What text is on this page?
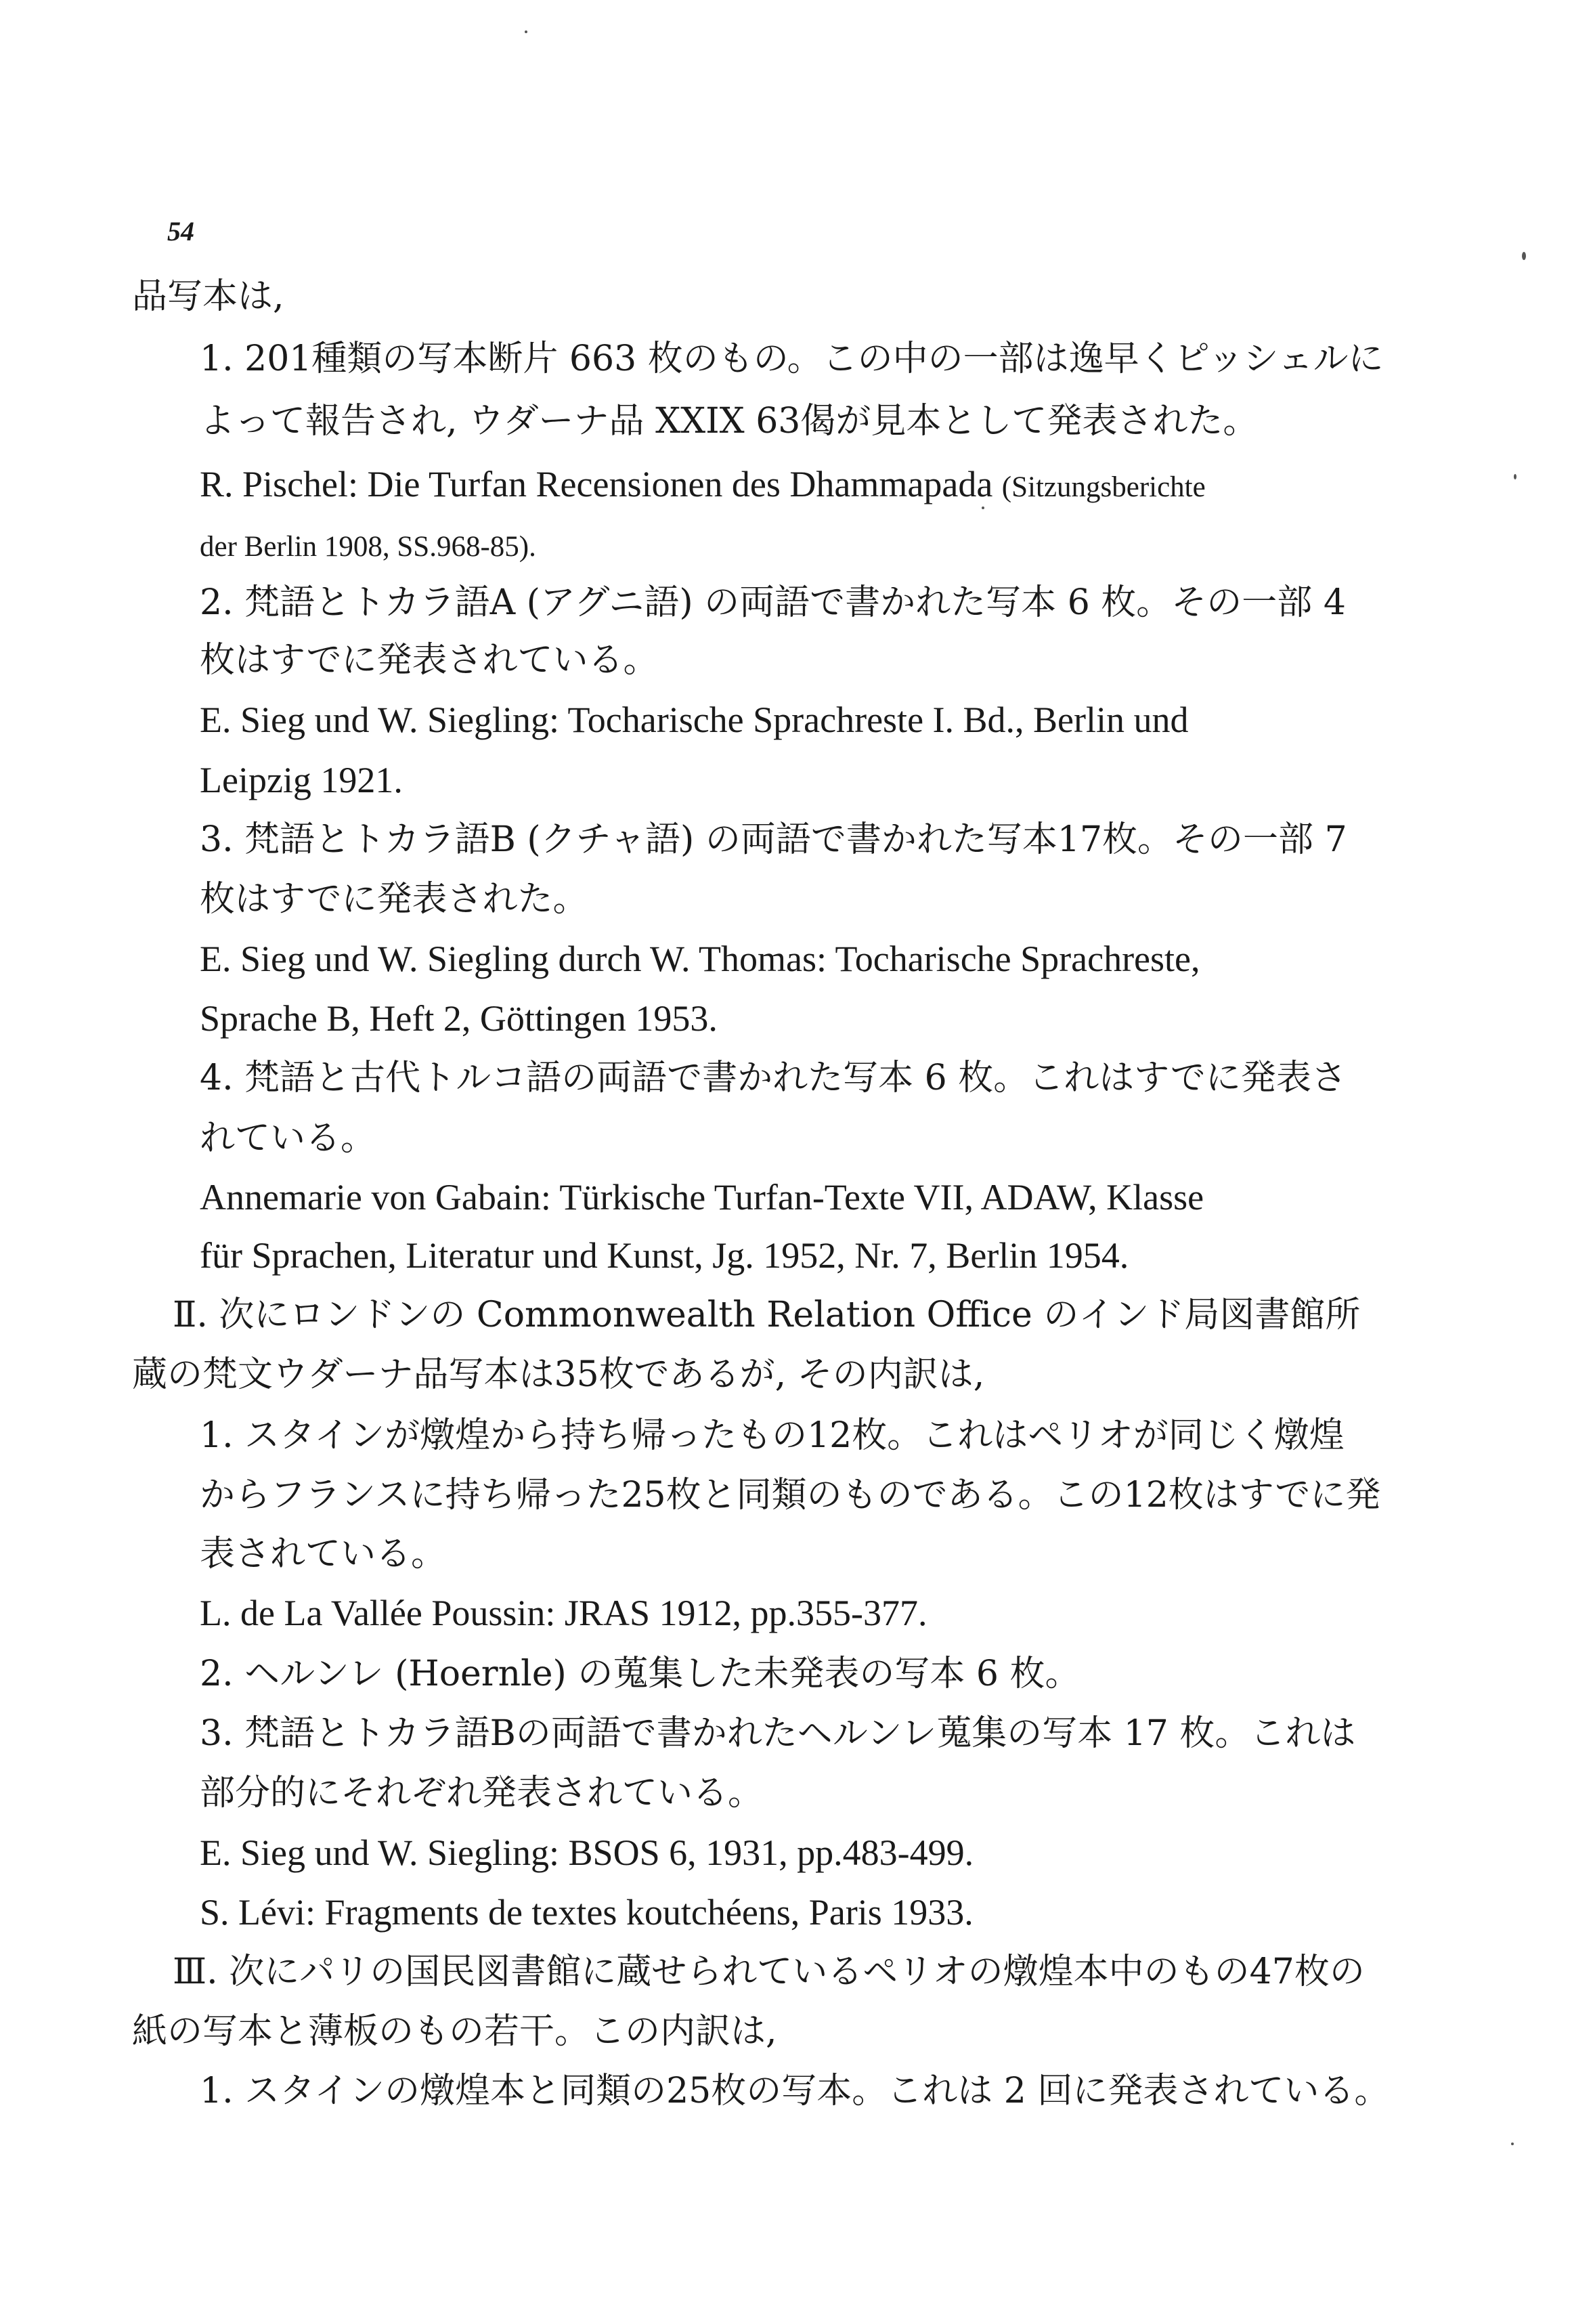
54
品写本は,
1. 201種類の写本断片 663 枚のもの。この中の一部は逸早くピッシェルに
よって報告され, ウダーナ品 XXIX 63偈が見本として発表された。
R. Pischel: Die Turfan Recensionen des Dhammapada (Sitzungsberichte
der Berlin 1908, SS.968-85).
2. 梵語とトカラ語A (アグニ語) の両語で書かれた写本 6 枚。その一部 4
枚はすでに発表されている。
E. Sieg und W. Siegling: Tocharische Sprachreste I. Bd., Berlin und
Leipzig 1921.
3. 梵語とトカラ語B (クチャ語) の両語で書かれた写本17枚。その一部 7
枚はすでに発表された。
E. Sieg und W. Siegling durch W. Thomas: Tocharische Sprachreste,
Sprache B, Heft 2, Göttingen 1953.
4. 梵語と古代トルコ語の両語で書かれた写本 6 枚。これはすでに発表さ
れている。
Annemarie von Gabain: Türkische Turfan-Texte VII, ADAW, Klasse
für Sprachen, Literatur und Kunst, Jg. 1952, Nr. 7, Berlin 1954.
Ⅱ. 次にロンドンの Commonwealth Relation Office のインド局図書館所
蔵の梵文ウダーナ品写本は35枚であるが, その内訳は,
1. スタインが燉煌から持ち帰ったもの12枚。これはペリオが同じく燉煌
からフランスに持ち帰った25枚と同類のものである。この12枚はすでに発
表されている。
L. de La Vallée Poussin: JRAS 1912, pp.355-377.
2. ヘルンレ (Hoernle) の蒐集した未発表の写本 6 枚。
3. 梵語とトカラ語Bの両語で書かれたヘルンレ蒐集の写本 17 枚。これは
部分的にそれぞれ発表されている。
E. Sieg und W. Siegling: BSOS 6, 1931, pp.483-499.
S. Lévi: Fragments de textes koutchéens, Paris 1933.
Ⅲ. 次にパリの国民図書館に蔵せられているペリオの燉煌本中のもの47枚の
紙の写本と薄板のもの若干。この内訳は,
1. スタインの燉煌本と同類の25枚の写本。これは 2 回に発表されている。
